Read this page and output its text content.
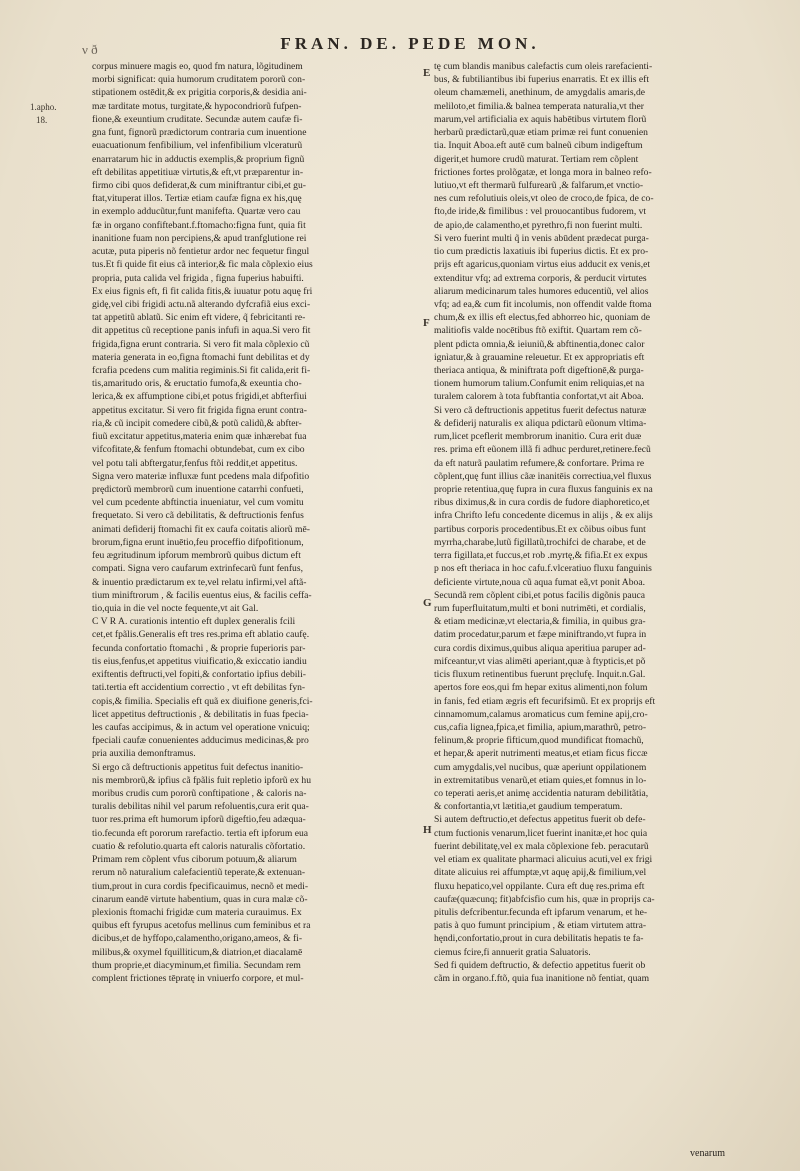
ν ð	FRAN. DE. PEDE MON.
1.apho.
18.
E
F
G
H
corpus minuere magis eo, quod fm natura, lõgitudinem
morbi significat: quia humorum cruditatem pororũ con-
stipationem ostēdit,& ex prigitia corporis,& desidia ani-
mæ tarditate motus, turgitate,& hypocondriorũ fufpen-
fione,& exeuntium cruditate. Secundæ autem caufæ fi-
gna funt, fignorũ prædictorum contraria cum inuentione
euacuationum fenfibilium, vel infenfibilium vlceraturũ
enarratarum hic in adductis exemplis,& proprium fignũ
eft debilitas appetitiuæ virtutis,& eft,vt præparentur in-
firmo cibi quos defiderat,& cum miniftrantur cibi,et gu-
ftat,vituperat illos. Tertiæ etiam caufæ figna ex his,quę
in exemplo adducũtur,funt manifefta. Quartæ vero cau
fæ in organo confiftebant.f.ftomacho:figna funt, quia fit
inanitione fuam non percipiens,& apud tranfglutione rei
acutæ, puta piperis nõ fentietur ardor nec fequetur fingul
tus.Et fi quide fit eius cã interior,& fic mala cõplexio eius
propria, puta calida vel frigida , figna fuperius habuifti.
Ex eius fignis eft, fi fit calida fitis,& iuuatur potu aquę fri
gidę,vel cibi frigidi actu.nã alterando dyfcrafiã eius exci-
tat appetitũ ablatũ. Sic enim eft videre, q̃ febricitanti re-
dit appetitus cũ receptione panis infufi in aqua.Si vero fit
frigida,figna erunt contraria. Si vero fit mala cõplexio cũ
materia generata in eo,figna ftomachi funt debilitas et dy
fcrafia pcedens cum malitia regiminis.Si fit calida,erit fi-
tis,amaritudo oris, & eructatio fumofa,& exeuntia cho-
lerica,& ex affumptione cibi,et potus frigidi,et abfterfiui
appetitus excitatur. Si vero fit frigida figna erunt contra-
ria,& cũ incipit comedere cibũ,& potũ calidũ,& abfter-
fiuũ excitatur appetitus,materia enim quæ inhærebat fua
vifcofitate,& fenfum ftomachi obtundebat, cum ex cibo
vel potu tali abftergatur,fenfus ftõi reddit,et appetitus.
Signa vero materiæ influxæ funt pcedens mala difpofitio
prędictorũ membrorũ cum inuentione catarrhi confueti,
vel cum pcedente abftinctia inueniatur, vel cum vomitu
frequetato. Si vero cã debilitatis, & deftructionis fenfus
animati defiderij ftomachi fit ex caufa coitatis aliorũ mē-
brorum,figna erunt inuētio,feu proceffio difpofitionum,
feu ægritudinum ipforum membrorũ quibus dictum eft
compati. Signa vero caufarum extrinfecarũ funt fenfus,
& inuentio prædictarum ex te,vel relatu infirmi,vel aftã-
tium miniftrorum , & facilis euentus eius, & facilis ceffa-
tio,quia in die vel nocte fequente,vt ait Gal.
C V R A. curationis intentio eft duplex generalis fcili
cet,et fpãlis.Generalis eft tres res.prima eft ablatio caufę.
fecunda confortatio ftomachi , & proprie fuperioris par-
tis eius,fenfus,et appetitus viuificatio,& exiccatio iandiu
exiftentis deftructi,vel fopiti,& confortatio ipfius debili-
tati.tertia eft accidentium correctio , vt eft debilitas fyn-
copis,& fimilia. Specialis eft quã ex diuifione generis,fci-
licet appetitus deftructionis , & debilitatis in fuas fpecia-
les caufas accipimus, & in actum vel operatione vnicuiq;
fpeciali caufæ conuenientes adducimus medicinas,& pro
pria auxilia demonftramus.
Si ergo cã deftructionis appetitus fuit defectus inanitio-
nis membrorũ,& ipfius cã fpãlis fuit repletio ipforũ ex hu
moribus crudis cum pororũ conftipatione , & caloris na-
turalis debilitas nihil vel parum refoluentis,cura erit qua-
tuor res.prima eft humorum ipforũ digeftio,feu adæqua-
tio.fecunda eft pororum rarefactio. tertia eft ipforum eua
cuatio & refolutio.quarta eft caloris naturalis cõfortatio.
Primam rem cõplent vfus ciborum potuum,& aliarum
rerum nõ naturalium calefacientiũ teperate,& extenuan-
tium,prout in cura cordis fpecificauimus, necnõ et medi-
cinarum eandē virtute habentium, quas in cura malæ cõ-
plexionis ftomachi frigidæ cum materia curauimus. Ex
quibus eft fyrupus acetofus mellinus cum feminibus et ra
dicibus,et de hyffopo,calamentho,origano,ameos, & fi-
milibus,& oxymel fquilliticum,& diatrion,et diacalamē
thum proprie,et diacyminum,et fimilia. Secundam rem
complent frictiones tēpratę in vniuerfo corpore, et mul-
tę cum blandis manibus calefactis cum oleis rarefacienti-
bus, & fubtiliantibus ibi fuperius enarratis. Et ex illis eft
oleum chamæmeli, anethinum, de amygdalis amaris,de
meliloto,et fimilia.& balnea temperata naturalia,vt ther
marum,vel artificialia ex aquis habētibus virtutem florũ
herbarũ prædictarũ,quæ etiam primæ rei funt conuenien
tia. Inquit Aboa.eft autē cum balneũ cibum indigeftum
digerit,et humore crudũ maturat. Tertiam rem cõplent
frictiones fortes prolõgatæ, et longa mora in balneo refo-
lutiuo,vt eft thermarũ fulfurearũ ,& falfarum,et vnctio-
nes cum refolutiuis oleis,vt oleo de croco,de fpica, de co-
fto,de iride,& fimilibus : vel prouocantibus fudorem, vt
de apio,de calamentho,et pyrethro,fi non fuerint multi.
Si vero fuerint multi q̃ in venis abūdent prædecat purga-
tio cum prædictis laxatiuis ibi fuperius dictis. Et ex pro-
prijs eft agaricus,quoniam virtus eius adducit ex venis,et
extenditur vfq; ad extrema corporis, & perducit virtutes
aliarum medicinarum tales humores educentiũ, vel alios
vfq; ad ea,& cum fit incolumis, non offendit valde ftoma
chum,& ex illis eft electus,fed abhorreo hic, quoniam de
malitiofis valde nocētibus ftõ exiftit. Quartam rem cõ-
plent pdicta omnia,& ieiuniũ,& abftinentia,donec calor
ignìatur,& à grauamine releuetur. Et ex appropriatis eft
theriaca antiqua, & miniftrata poft digeftionē,& purga-
tionem humorum talium.Confumit enim reliquias,et na
turalem calorem à tota fubftantia confortat,vt ait Aboa.
Si vero cã deftructionis appetitus fuerit defectus naturæ
& defiderij naturalis ex aliqua pdictarũ eũonum vltima-
rum,licet pceflerit membrorum inanitio. Cura erit duæ
res. prima eft eũonem illã fi adhuc perduret,retinere.fecũ
da eft naturã paulatim refumere,& confortare. Prima re
cõplent,quę funt illius cãæ inanitēis correctiua,vel fluxus
proprie retentiua,quę fupra in cura fluxus fanguinis ex na
ribus diximus,& in cura cordis de fudore diaphoretico,et
infra Chrifto Iefu concedente dicemus in alijs , & ex alijs
partibus corporis procedentibus.Et ex cõibus oibus funt
myrrha,charabe,lutũ figillatũ,trochifci de charabe, et de
terra figillata,et fuccus,et rob .myrtę,& fifia.Et ex expus
p nos eft theriaca in hoc cafu.f.vlceratiuo fluxu fanguinis
deficiente virtute,noua cũ aqua fumat eã,vt ponit Aboa.
Secundã rem cõplent cibi,et potus facilis digõnis pauca
rum fuperfluitatum,multi et boni nutrimēti, et cordialis,
& etiam medicinæ,vt electaria,& fimilia, in quibus gra-
datim procedatur,parum et fæpe miniftrando,vt fupra in
cura cordis diximus,quibus aliqua aperitiua paruper ad-
mifceantur,vt vias alimēti aperiant,quæ à ftypticis,et põ
ticis fluxum retinentibus fuerunt pręclufę. Inquit.n.Gal.
apertos fore eos,qui fm hepar exitus alimenti,non folum
in fanis, fed etiam ægris eft fecurifsimũ. Et ex proprijs eft
cinnamomum,calamus aromaticus cum femine apij,cro-
cus,cafia lignea,fpica,et fimilia, apium,marathrũ, petro-
felinum,& proprie fifticum,quod mundificat ftomachũ,
et hepar,& aperit nutrimenti meatus,et etiam ficus ficcæ
cum amygdalis,vel nucibus, quæ aperiunt oppilationem
in extremitatibus venarũ,et etiam quies,et fomnus in lo-
co teperati aeris,et animę accidentia naturam debilitãtia,
& confortantia,vt lætitia,et gaudium temperatum.
Si autem deftructio,et defectus appetitus fuerit ob defe-
ctum fuctionis venarum,licet fuerint inanitæ,et hoc quia
fuerint debilitatę,vel ex mala cõplexione feb. peracutarũ
vel etiam ex qualitate pharmaci alicuius acuti,vel ex frigi
ditate alicuius rei affumptæ,vt aquę apij,& fimilium,vel
fluxu hepatico,vel oppilante. Cura eft duę res.prima eft
caufæ(quæcunq; fit)abfcisfio cum his, quæ in proprijs ca-
pitulis defcribentur.fecunda eft ipfarum venarum, et he-
patis à quo fumunt principium , & etiam virtutem attra-
hęndi,confortatio,prout in cura debilitatis hepatis te fa-
ciemus fcire,fi annuerit gratia Saluatoris.
Sed fi quidem deftructio, & defectio appetitus fuerit ob
cãm in organo.f.ftõ, quia fua inanitione nõ fentiat, quam
venarum
